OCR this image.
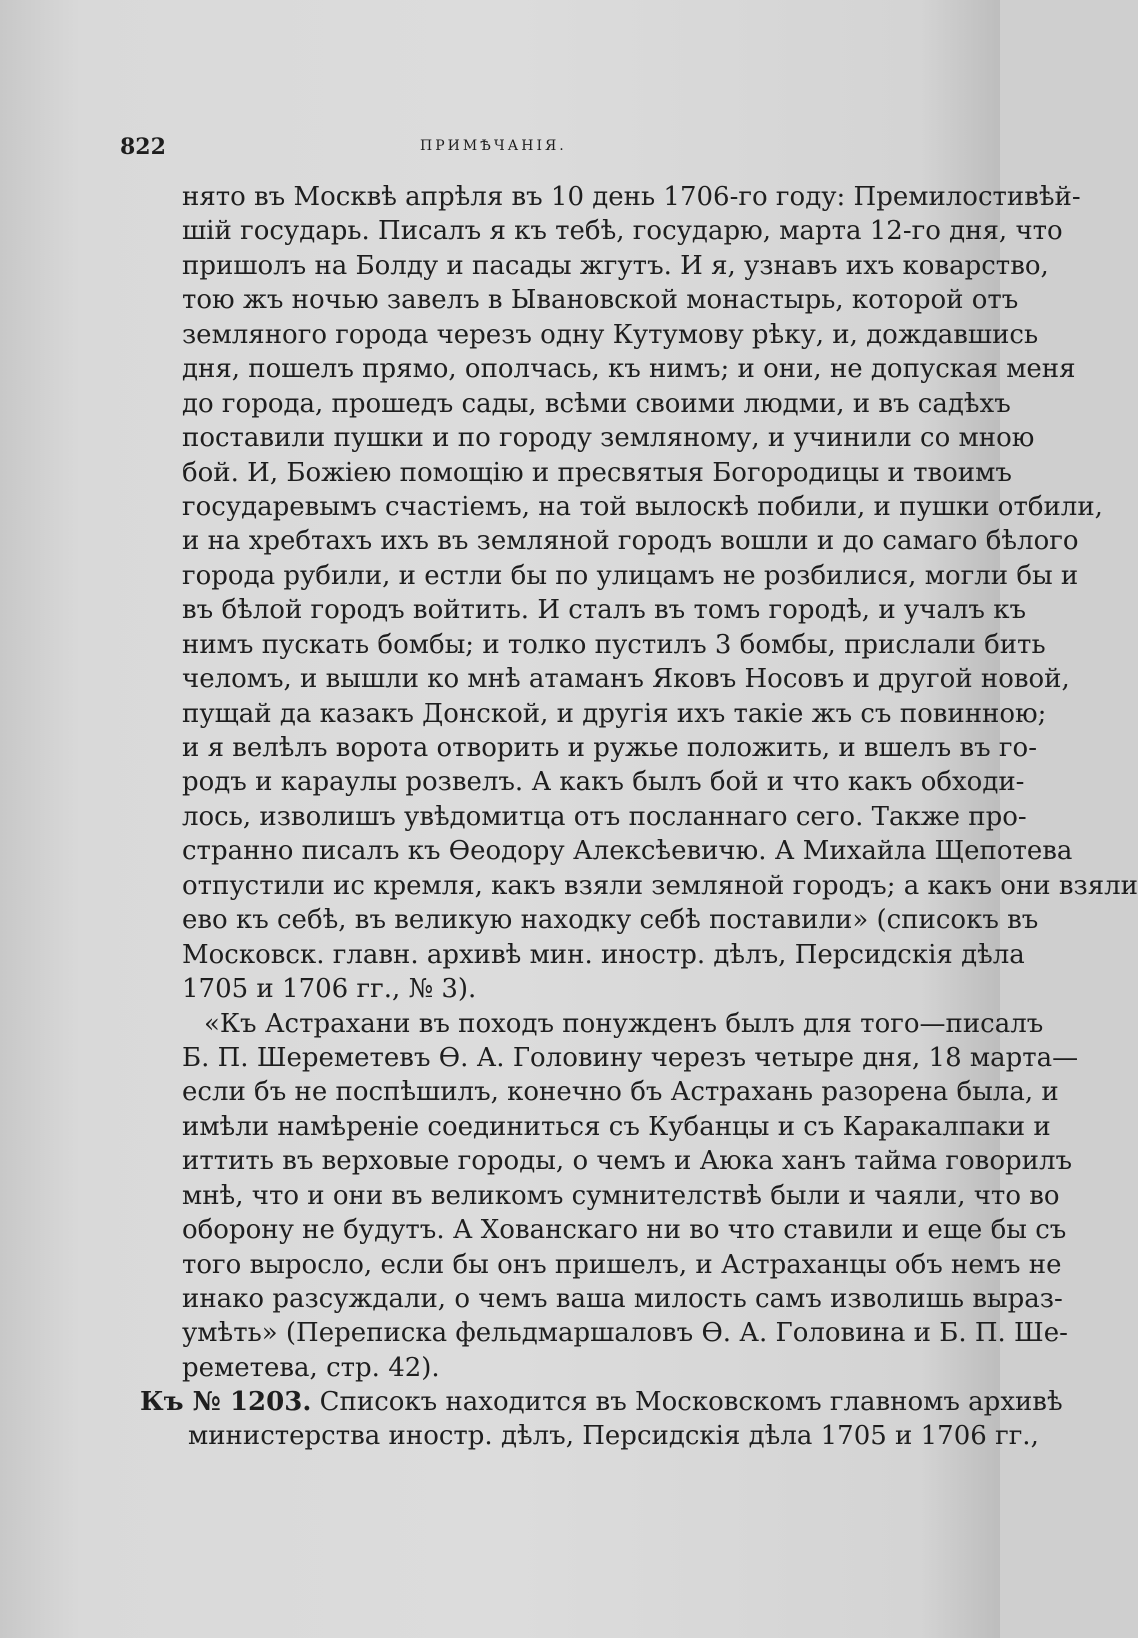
822	ПРИМѢЧАНІЯ.
нято въ Москвѣ апрѣля въ 10 день 1706-го году: Премилостивѣй-
шій государь. Писалъ я къ тебѣ, государю, марта 12-го дня, что
пришолъ на Болду и пасады жгутъ. И я, узнавъ ихъ коварство,
тою жъ ночью завелъ в Ывановской монастырь, которой отъ
земляного города черезъ одну Кутумову рѣку, и, дождавшись
дня, пошелъ прямо, ополчась, къ нимъ; и они, не допуская меня
до города, прошедъ сады, всѣми своими людми, и въ садѣхъ
поставили пушки и по городу земляному, и учинили со мною
бой. И, Божіею помощію и пресвятыя Богородицы и твоимъ
государевымъ счастіемъ, на той вылоскѣ побили, и пушки отбили,
и на хребтахъ ихъ въ земляной городъ вошли и до самаго бѣлого
города рубили, и естли бы по улицамъ не розбилися, могли бы и
въ бѣлой городъ войтить. И сталъ въ томъ городѣ, и учалъ къ
нимъ пускать бомбы; и толко пустилъ 3 бомбы, прислали бить
челомъ, и вышли ко мнѣ атаманъ Яковъ Носовъ и другой новой,
пущай да казакъ Донской, и другія ихъ такіе жъ съ повинною;
и я велѣлъ ворота отворить и ружье положить, и вшелъ въ го-
родъ и караулы розвелъ. А какъ былъ бой и что какъ обходи-
лось, изволишъ увѣдомитца отъ посланнаго сего. Также про-
странно писалъ къ Ѳеодору Алексѣевичю. А Михайла Щепотева
отпустили ис кремля, какъ взяли земляной городъ; а какъ они взяли
ево къ себѣ, въ великую находку себѣ поставили» (списокъ въ
Московск. главн. архивѣ мин. иностр. дѣлъ, Персидскія дѣла
1705 и 1706 гг., № 3).
«Къ Астрахани въ походъ понужденъ былъ для того—писалъ
Б. П. Шереметевъ Ѳ. А. Головину черезъ четыре дня, 18 марта—
если бъ не поспѣшилъ, конечно бъ Астрахань разорена была, и
имѣли намѣреніе соединиться съ Кубанцы и съ Каракалпаки и
иттить въ верховые городы, о чемъ и Аюка ханъ тайма говорилъ
мнѣ, что и они въ великомъ сумнителствѣ были и чаяли, что во
оборону не будутъ. А Хованскаго ни во что ставили и еще бы съ
того выросло, если бы онъ пришелъ, и Астраханцы объ немъ не
инако разсуждали, о чемъ ваша милость самъ изволишь выраз-
умѣть» (Переписка фельдмаршаловъ Ѳ. А. Головина и Б. П. Ше-
реметева, стр. 42).
Къ № 1203. Списокъ находится въ Московскомъ главномъ архивѣ
министерства иностр. дѣлъ, Персидскія дѣла 1705 и 1706 гг.,
